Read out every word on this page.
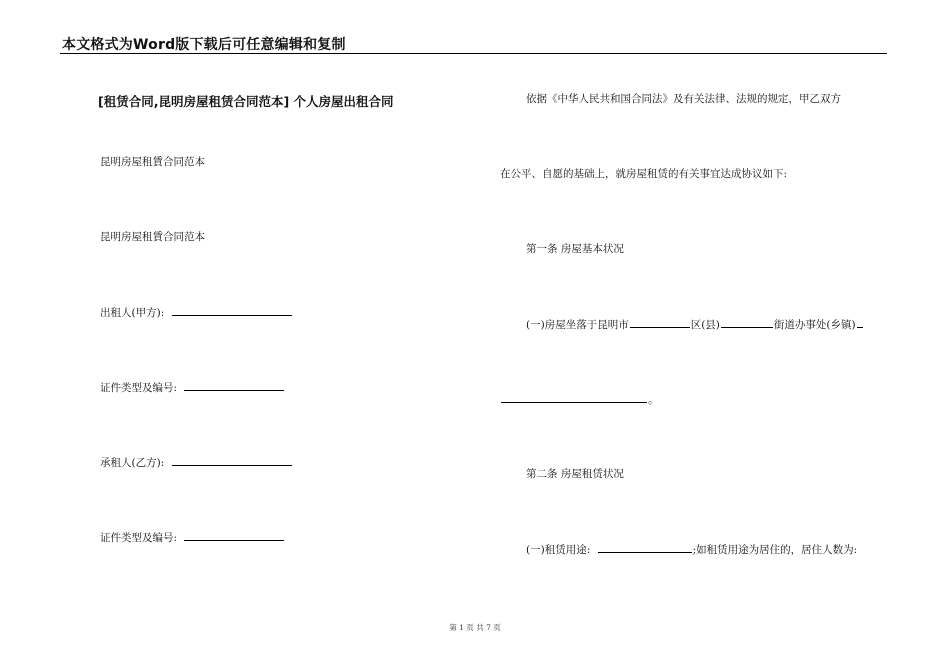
本文格式为Word版下载后可任意编辑和复制
[租赁合同,昆明房屋租赁合同范本] 个人房屋出租合同
昆明房屋租賃合同范本
昆明房屋租賃合同范本
出租人(甲方):
证件类型及编号:
承租人(乙方):
证件类型及编号:
依据《中华人民共和国合同法》及有关法律、法规的规定，甲乙双方
在公平、自愿的基础上，就房屋租赁的有关事宜达成协议如下:
第一条 房屋基本状况
(一)房屋坐落于昆明市	区(县)	街道办事处(乡镇)
。
第二条 房屋租赁状况
(一)租赁用途:	;如租赁用途为居住的，居住人数为:
第 1 页 共 7 页
